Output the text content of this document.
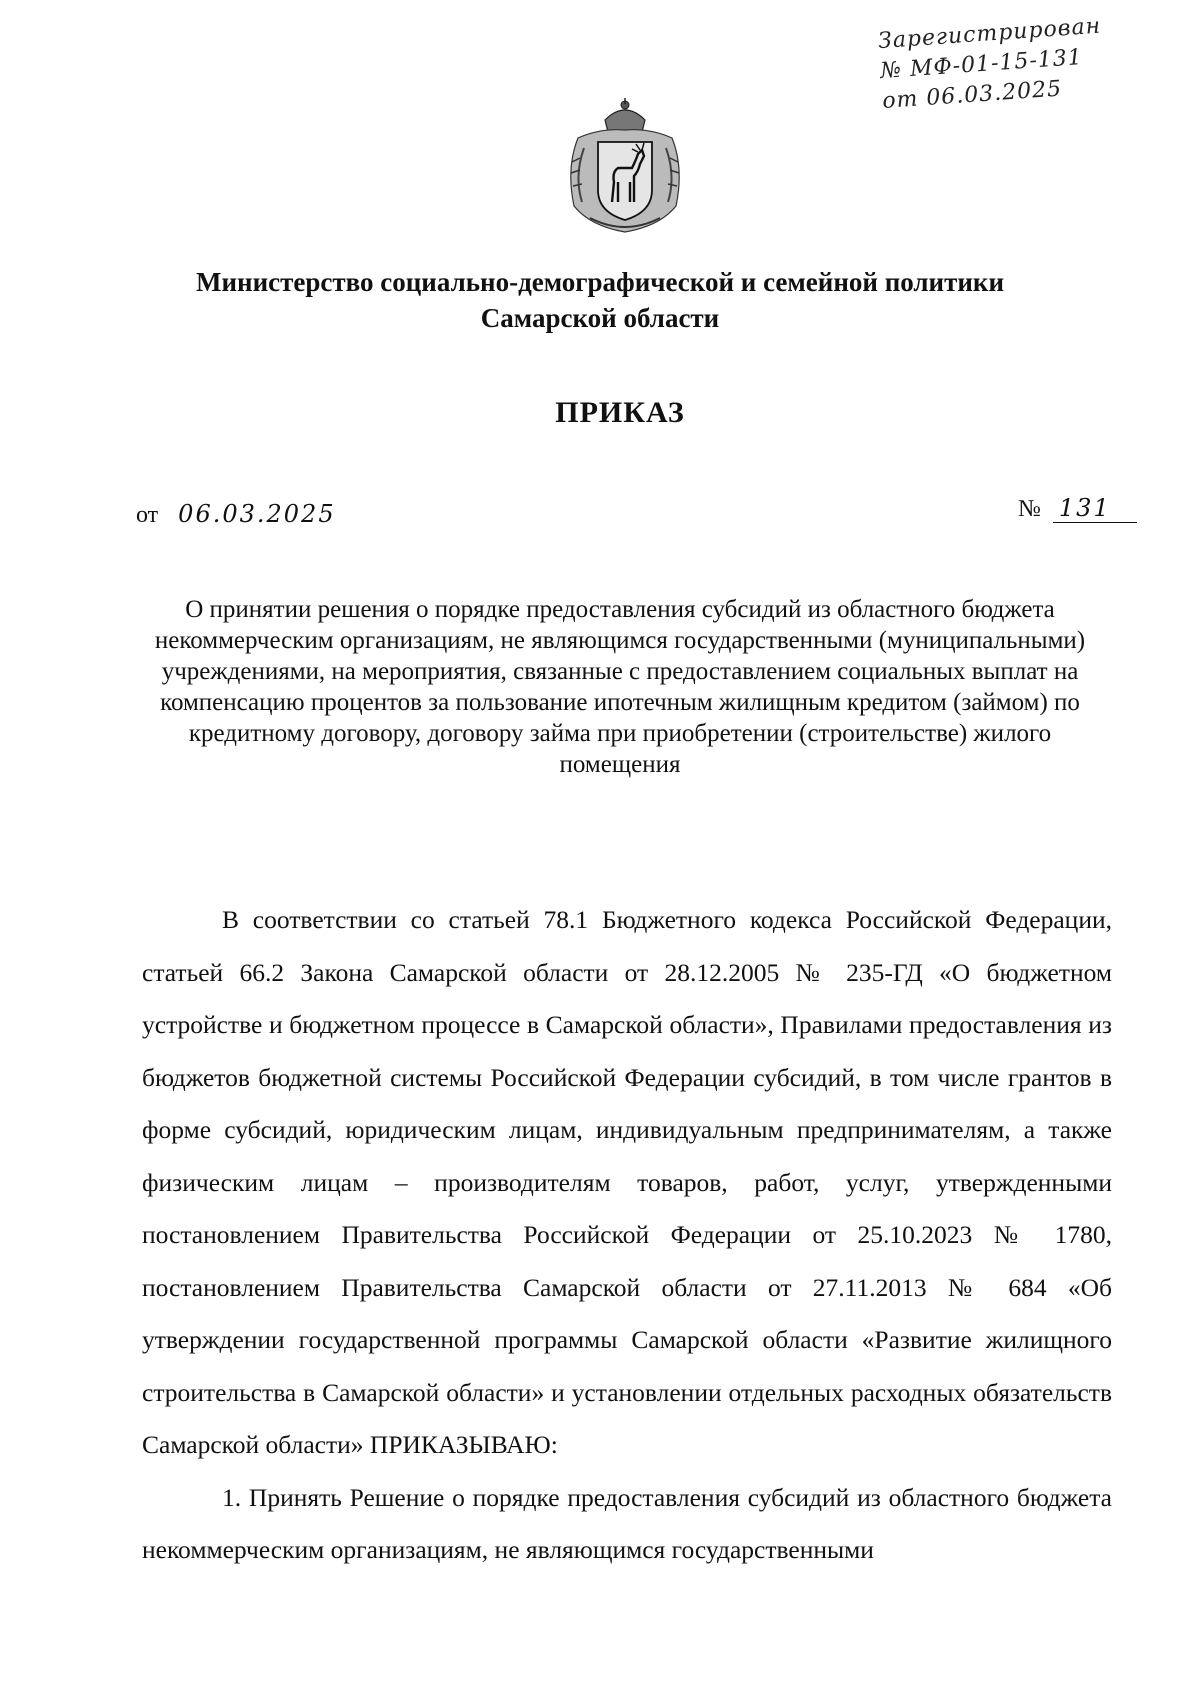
Зарегистрирован
№ МФ-01-15-131
от 06.03.2025
Министерство социально-демографической и семейной политики
Самарской области
ПРИКАЗ
от 06.03.2025	№ 131
О принятии решения о порядке предоставления субсидий из областного бюджета некоммерческим организациям, не являющимся государственными (муниципальными) учреждениями, на мероприятия, связанные с предоставлением социальных выплат на компенсацию процентов за пользование ипотечным жилищным кредитом (займом) по кредитному договору, договору займа при приобретении (строительстве) жилого помещения

В соответствии со статьей 78.1 Бюджетного кодекса Российской Федерации, статьей 66.2 Закона Самарской области от 28.12.2005 № 235-ГД «О бюджетном устройстве и бюджетном процессе в Самарской области», Правилами предоставления из бюджетов бюджетной системы Российской Федерации субсидий, в том числе грантов в форме субсидий, юридическим лицам, индивидуальным предпринимателям, а также физическим лицам – производителям товаров, работ, услуг, утвержденными постановлением Правительства Российской Федерации от 25.10.2023 № 1780, постановлением Правительства Самарской области от 27.11.2013 № 684 «Об утверждении государственной программы Самарской области «Развитие жилищного строительства в Самарской области» и установлении отдельных расходных обязательств Самарской области» ПРИКАЗЫВАЮ:

1. Принять Решение о порядке предоставления субсидий из областного бюджета некоммерческим организациям, не являющимся государственными
